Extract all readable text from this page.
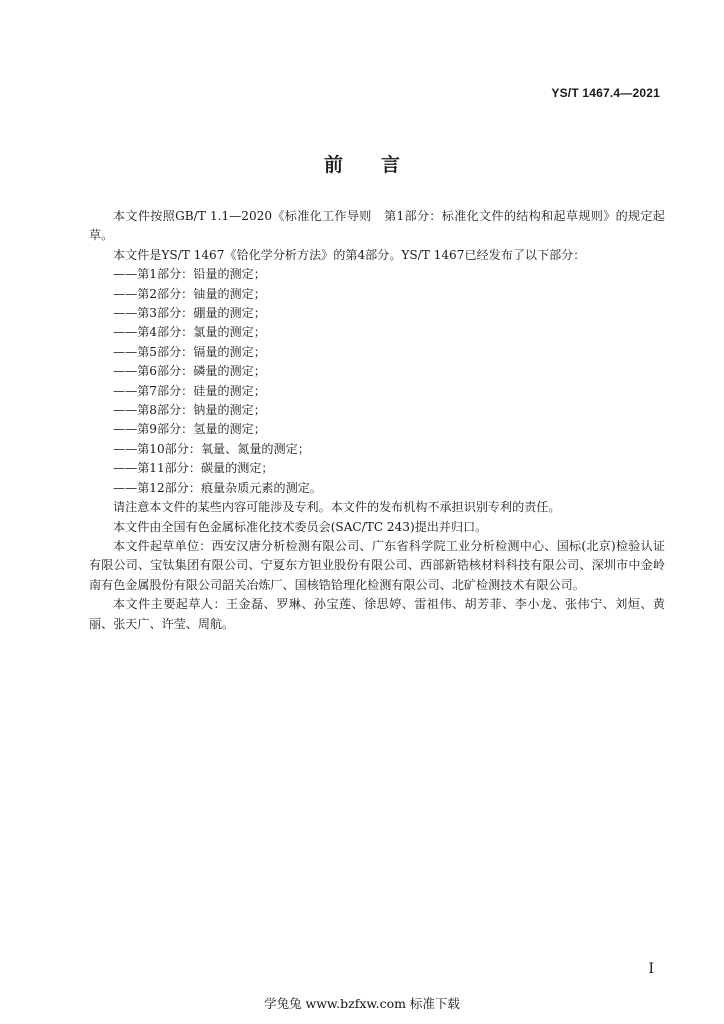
YS/T 1467.4—2021
前言

本文件按照GB/T 1.1—2020《标准化工作导则　第1部分：标准化文件的结构和起草规则》的规定起草。

本文件是YS/T 1467《铪化学分析方法》的第4部分。YS/T 1467已经发布了以下部分：

——第1部分：铅量的测定；

——第2部分：铀量的测定；

——第3部分：硼量的测定；

——第4部分：氯量的测定；

——第5部分：镉量的测定；

——第6部分：磷量的测定；

——第7部分：硅量的测定；

——第8部分：钠量的测定；

——第9部分：氢量的测定；

——第10部分：氧量、氮量的测定；

——第11部分：碳量的测定；

——第12部分：痕量杂质元素的测定。

请注意本文件的某些内容可能涉及专利。本文件的发布机构不承担识别专利的责任。

本文件由全国有色金属标准化技术委员会(SAC/TC 243)提出并归口。

本文件起草单位：西安汉唐分析检测有限公司、广东省科学院工业分析检测中心、国标(北京)检验认证有限公司、宝钛集团有限公司、宁夏东方钽业股份有限公司、西部新锆核材料科技有限公司、深圳市中金岭南有色金属股份有限公司韶关冶炼厂、国核锆铪理化检测有限公司、北矿检测技术有限公司。

本文件主要起草人：王金磊、罗琳、孙宝莲、徐思婷、雷祖伟、胡芳菲、李小龙、张伟宁、刘烜、黄丽、张天广、许莹、周航。

I
学兔兔 www.bzfxw.com 标准下载
